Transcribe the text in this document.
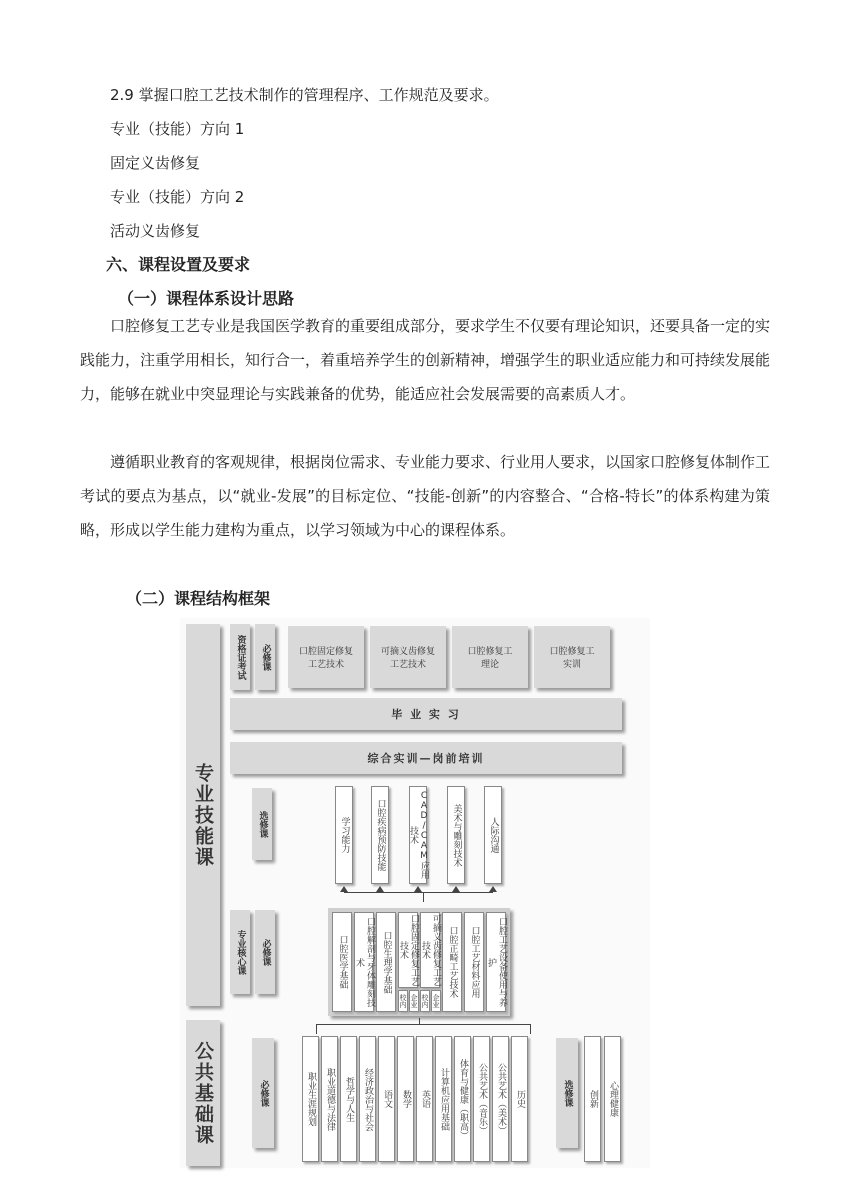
2.9 掌握口腔工艺技术制作的管理程序、工作规范及要求。
专业（技能）方向 1
固定义齿修复
专业（技能）方向 2
活动义齿修复
六、课程设置及要求
（一）课程体系设计思路
口腔修复工艺专业是我国医学教育的重要组成部分，要求学生不仅要有理论知识，还要具备一定的实践能力，注重学用相长，知行合一，着重培养学生的创新精神，增强学生的职业适应能力和可持续发展能力，能够在就业中突显理论与实践兼备的优势，能适应社会发展需要的高素质人才。
遵循职业教育的客观规律，根据岗位需求、专业能力要求、行业用人要求，以国家口腔修复体制作工考试的要点为基点，以“就业-发展”的目标定位、“技能-创新”的内容整合、“合格-特长”的体系构建为策略，形成以学生能力建构为重点，以学习领域为中心的课程体系。
（二）课程结构框架
专业技能课
公共基础课
资格证考试 必修课	口腔固定修复工艺技术
可摘义齿修复工艺技术
口腔修复工理论
口腔修复工实训
毕 业 实 习
综合实训—岗前培训
选修课	学习能力	口腔疾病预防技能	CAD/CAM应用技术	美术与雕刻技术	人际沟通
专业核心课 必修课	口腔医学基础	口腔解剖与牙体雕刻技术	口腔生理学基础	口腔固定修复工艺技术	可摘义齿修复工艺技术
校内 企业 校内 企业
口腔正畸工艺技术 口腔工艺材料应用	口腔工艺设备使用与养护
必修课	职业生涯规划 职业道德与法律 哲学与人生 经济政治与社会 语文 数学 英语 计算机应用基础 体育与健康（职高） 公共艺术（音乐） 公共艺术（美术） 历史	选修课 创新 心理健康
